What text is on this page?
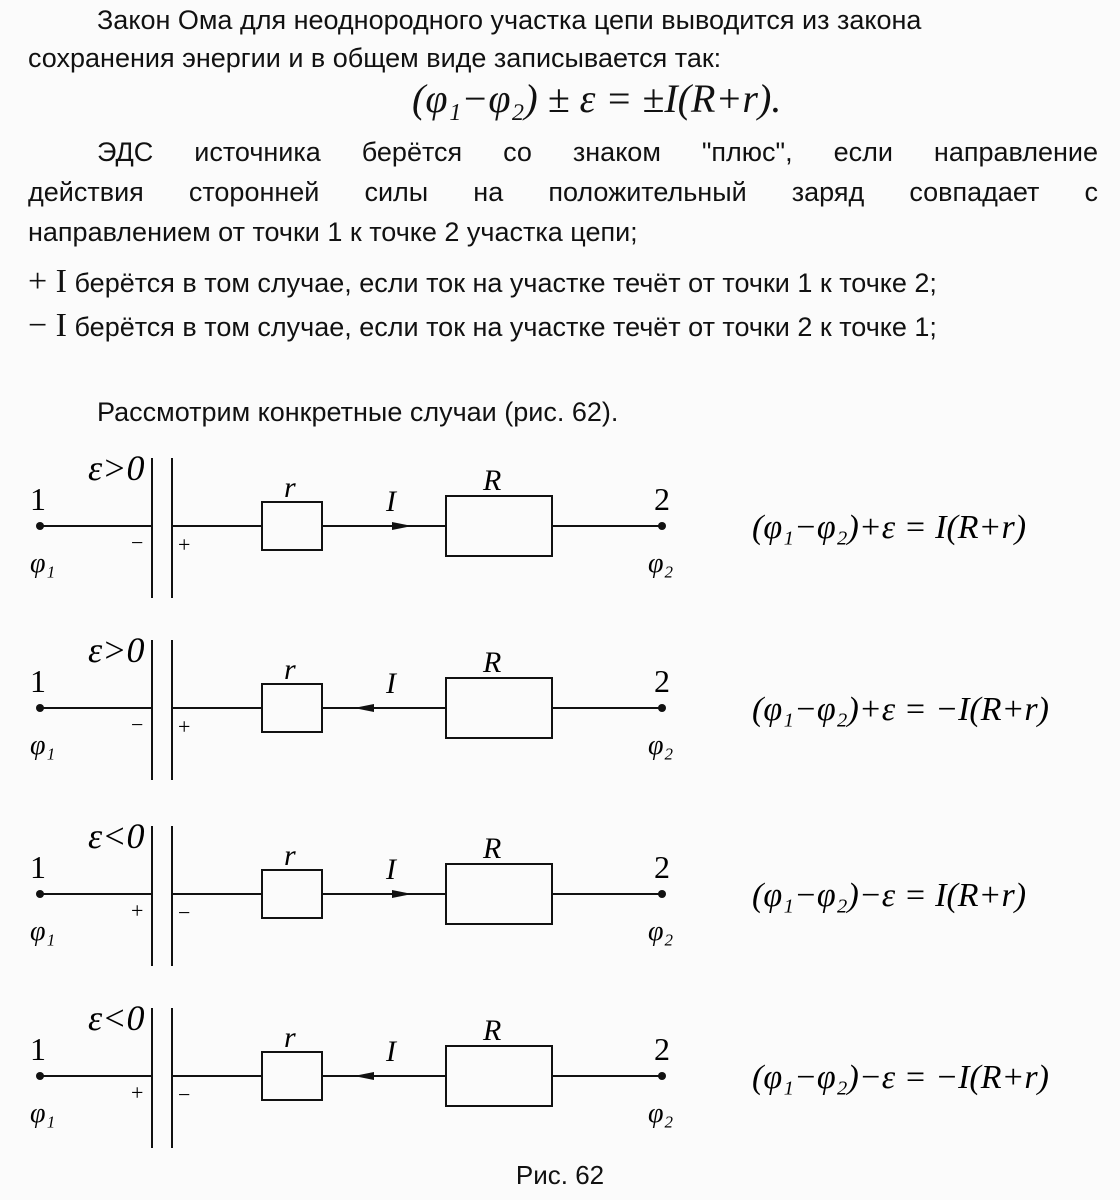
Закон Ома для неоднородного участка цепи выводится из закона
сохранения энергии и в общем виде записывается так:
(φ₁−φ₂) ± ε = ±I(R+r).
ЭДС источника берётся со знаком "плюс", если направление
действия сторонней силы на положительный заряд совпадает с
направлением от точки 1 к точке 2 участка цепи;
+ I берётся в том случае, если ток на участке течёт от точки 1 к точке 2;
− I берётся в том случае, если ток на участке течёт от точки 2 к точке 1;
Рассмотрим конкретные случаи (рис. 62).
ε>0
− +
r	R
I
1
φ₁
2
φ₂
(φ₁−φ₂)+ε = I(R+r)
ε>0
− +
r	R
I
1
φ₁
2
φ₂
(φ₁−φ₂)+ε = −I(R+r)
ε<0
+ −
r	R
I
1
φ₁
2
φ₂
(φ₁−φ₂)−ε = I(R+r)
ε<0
+ −
r	R
I
1
φ₁
2
φ₂
(φ₁−φ₂)−ε = −I(R+r)
Рис. 62
